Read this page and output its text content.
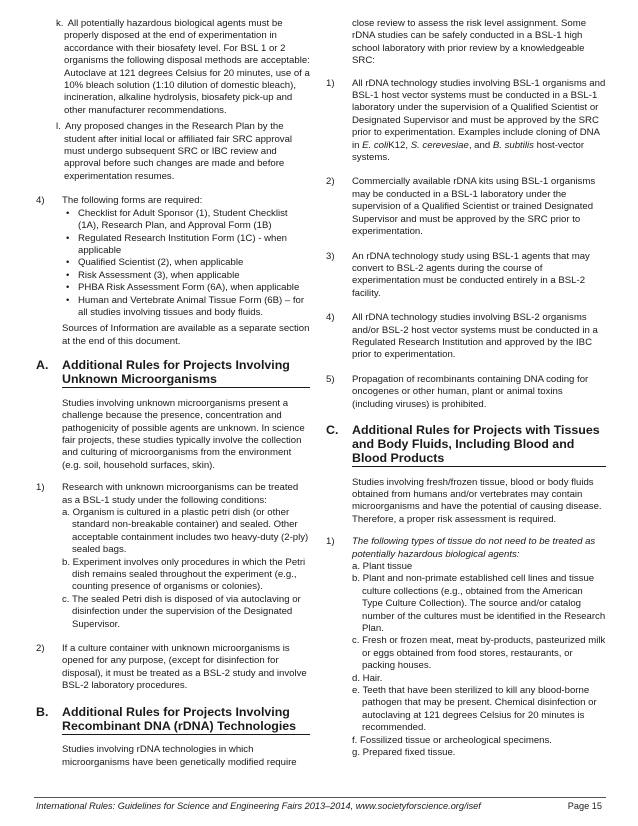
k. All potentially hazardous biological agents must be properly disposed at the end of experimentation in accordance with their biosafety level. For BSL 1 or 2 organisms the following disposal methods are acceptable: Autoclave at 121 degrees Celsius for 20 minutes, use of a 10% bleach solution (1:10 dilution of domestic bleach), incineration, alkaline hydrolysis, biosafety pick-up and other manufacturer recommendations.

l. Any proposed changes in the Research Plan by the student after initial local or affiliated fair SRC approval must undergo subsequent SRC or IBC review and approval before such changes are made and before experimentation resumes.

4) The following forms are required:
• Checklist for Adult Sponsor (1), Student Checklist (1A), Research Plan, and Approval Form (1B)
• Regulated Research Institution Form (1C) - when applicable
• Qualified Scientist (2), when applicable
• Risk Assessment (3), when applicable
• PHBA Risk Assessment Form (6A), when applicable
• Human and Vertebrate Animal Tissue Form (6B) – for all studies involving tissues and body fluids.

Sources of Information are available as a separate section at the end of this document.

A. Additional Rules for Projects Involving Unknown Microorganisms

Studies involving unknown microorganisms present a challenge because the presence, concentration and pathogenicity of possible agents are unknown. In science fair projects, these studies typically involve the collection and culturing of microorganisms from the environment (e.g. soil, household surfaces, skin).

1) Research with unknown microorganisms can be treated as a BSL-1 study under the following conditions:
a. Organism is cultured in a plastic petri dish (or other standard non-breakable container) and sealed. Other acceptable containment includes two heavy-duty (2-ply) sealed bags.
b. Experiment involves only procedures in which the Petri dish remains sealed throughout the experiment (e.g., counting presence of organisms or colonies).
c. The sealed Petri dish is disposed of via autoclaving or disinfection under the supervision of the Designated Supervisor.
2) If a culture container with unknown microorganisms is opened for any purpose, (except for disinfection for disposal), it must be treated as a BSL-2 study and involve BSL-2 laboratory procedures.
B. Additional Rules for Projects Involving Recombinant DNA (rDNA) Technologies

Studies involving rDNA technologies in which microorganisms have been genetically modified require

close review to assess the risk level assignment. Some rDNA studies can be safely conducted in a BSL-1 high school laboratory with prior review by a knowledgeable SRC:

1) All rDNA technology studies involving BSL-1 organisms and BSL-1 host vector systems must be conducted in a BSL-1 laboratory under the supervision of a Qualified Scientist or Designated Supervisor and must be approved by the SRC prior to experimentation. Examples include cloning of DNA in E. coliK12, S. cerevesiae, and B. subtilis host-vector systems.
2) Commercially available rDNA kits using BSL-1 organisms may be conducted in a BSL-1 laboratory under the supervision of a Qualified Scientist or trained Designated Supervisor and must be approved by the SRC prior to experimentation.
3) An rDNA technology study using BSL-1 agents that may convert to BSL-2 agents during the course of experimentation must be conducted entirely in a BSL-2 facility.
4) All rDNA technology studies involving BSL-2 organisms and/or BSL-2 host vector systems must be conducted in a Regulated Research Institution and approved by the IBC prior to experimentation.
5) Propagation of recombinants containing DNA coding for oncogenes or other human, plant or animal toxins (including viruses) is prohibited.
C. Additional Rules for Projects with Tissues and Body Fluids, Including Blood and Blood Products

Studies involving fresh/frozen tissue, blood or body fluids obtained from humans and/or vertebrates may contain microorganisms and have the potential of causing disease. Therefore, a proper risk assessment is required.

1) The following types of tissue do not need to be treated as potentially hazardous biological agents:
a. Plant tissue
b. Plant and non-primate established cell lines and tissue culture collections (e.g., obtained from the American Type Culture Collection). The source and/or catalog number of the cultures must be identified in the Research Plan.
c. Fresh or frozen meat, meat by-products, pasteurized milk or eggs obtained from food stores, restaurants, or packing houses.
d. Hair.
e. Teeth that have been sterilized to kill any blood-borne pathogen that may be present. Chemical disinfection or autoclaving at 121 degrees Celsius for 20 minutes is recommended.
f. Fossilized tissue or archeological specimens.
g. Prepared fixed tissue.
International Rules: Guidelines for Science and Engineering Fairs 2013–2014, www.societyforscience.org/isef	Page 15
